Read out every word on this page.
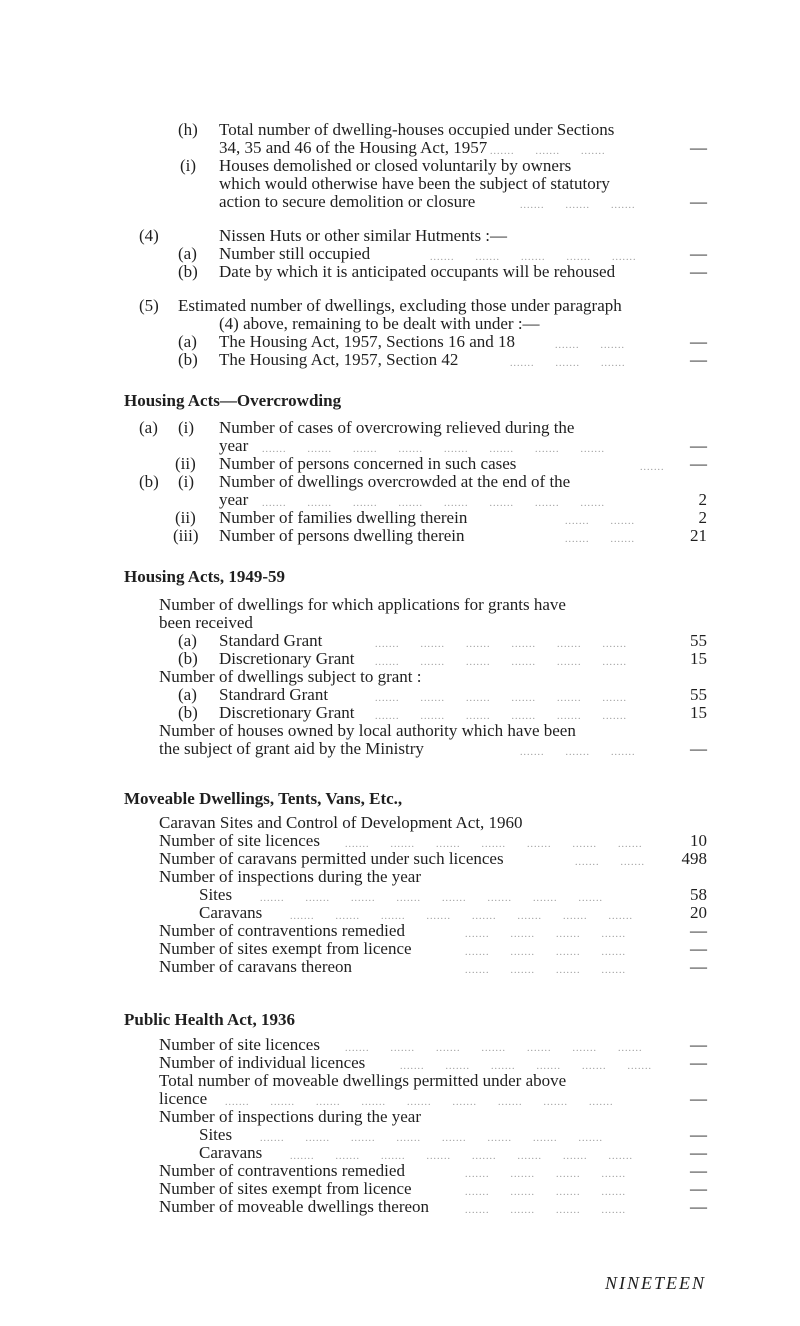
(h) Total number of dwelling-houses occupied under Sections
34, 35 and 46 of the Housing Act, 1957 .......      .......      .......	—
(i) Houses demolished or closed voluntarily by owners
which would otherwise have been the subject of statutory
action to secure demolition or closure	.......      .......      .......	—
(4)	Nissen Huts or other similar Hutments :—
(a) Number still occupied	.......      .......      .......      .......      .......	—
(b) Date by which it is anticipated occupants will be rehoused	—
(5) Estimated number of dwellings, excluding those under paragraph
(4) above, remaining to be dealt with under :—
(a) The Housing Act, 1957, Sections 16 and 18	.......      .......	—
(b) The Housing Act, 1957, Section 42	.......      .......      .......	—
Housing Acts—Overcrowding
(a) (i) Number of cases of overcrowing relieved during the
year .......      .......      .......      .......      .......      .......      .......      .......	—
(ii) Number of persons concerned in such cases	....... —
(b) (i) Number of dwellings overcrowded at the end of the
year .......      .......      .......      .......      .......      .......      .......      .......	2
(ii) Number of families dwelling therein	.......      .......	2
(iii) Number of persons dwelling therein	.......      .......	21
Housing Acts, 1949-59
Number of dwellings for which applications for grants have
been received
(a) Standard Grant	.......      .......      .......      .......      .......      .......	55
(b) Discretionary Grant .......      .......      .......      .......      .......      .......	15
Number of dwellings subject to grant :
(a) Standrard Grant	.......      .......      .......      .......      .......      .......	55
(b) Discretionary Grant .......      .......      .......      .......      .......      .......	15
Number of houses owned by local authority which have been
the subject of grant aid by the Ministry	.......      .......      .......	—
Moveable Dwellings, Tents, Vans, Etc.,
Caravan Sites and Control of Development Act, 1960
Number of site licences	.......      .......      .......      .......      .......      .......      .......	10
Number of caravans permitted under such licences	.......      ....... 498
Number of inspections during the year
Sites	.......      .......      .......      .......      .......      .......      .......      .......	58
Caravans	.......      .......      .......      .......      .......      .......      .......      .......	20
Number of contraventions remedied	.......      .......      .......      .......	—
Number of sites exempt from licence	.......      .......      .......      .......	—
Number of caravans thereon	.......      .......      .......      .......	—
Public Health Act, 1936
Number of site licences	.......      .......      .......      .......      .......      .......      .......	—
Number of individual licences	.......      .......      .......      .......      .......      ....... —
Total number of moveable dwellings permitted under above
licence .......      .......      .......      .......      .......      .......      .......      .......      .......	—
Number of inspections during the year
Sites	.......      .......      .......      .......      .......      .......      .......      .......	—
Caravans	.......      .......      .......      .......      .......      .......      .......      .......	—
Number of contraventions remedied	.......      .......      .......      .......	—
Number of sites exempt from licence	.......      .......      .......      .......	—
Number of moveable dwellings thereon	.......      .......      .......      .......	—
NINETEEN
